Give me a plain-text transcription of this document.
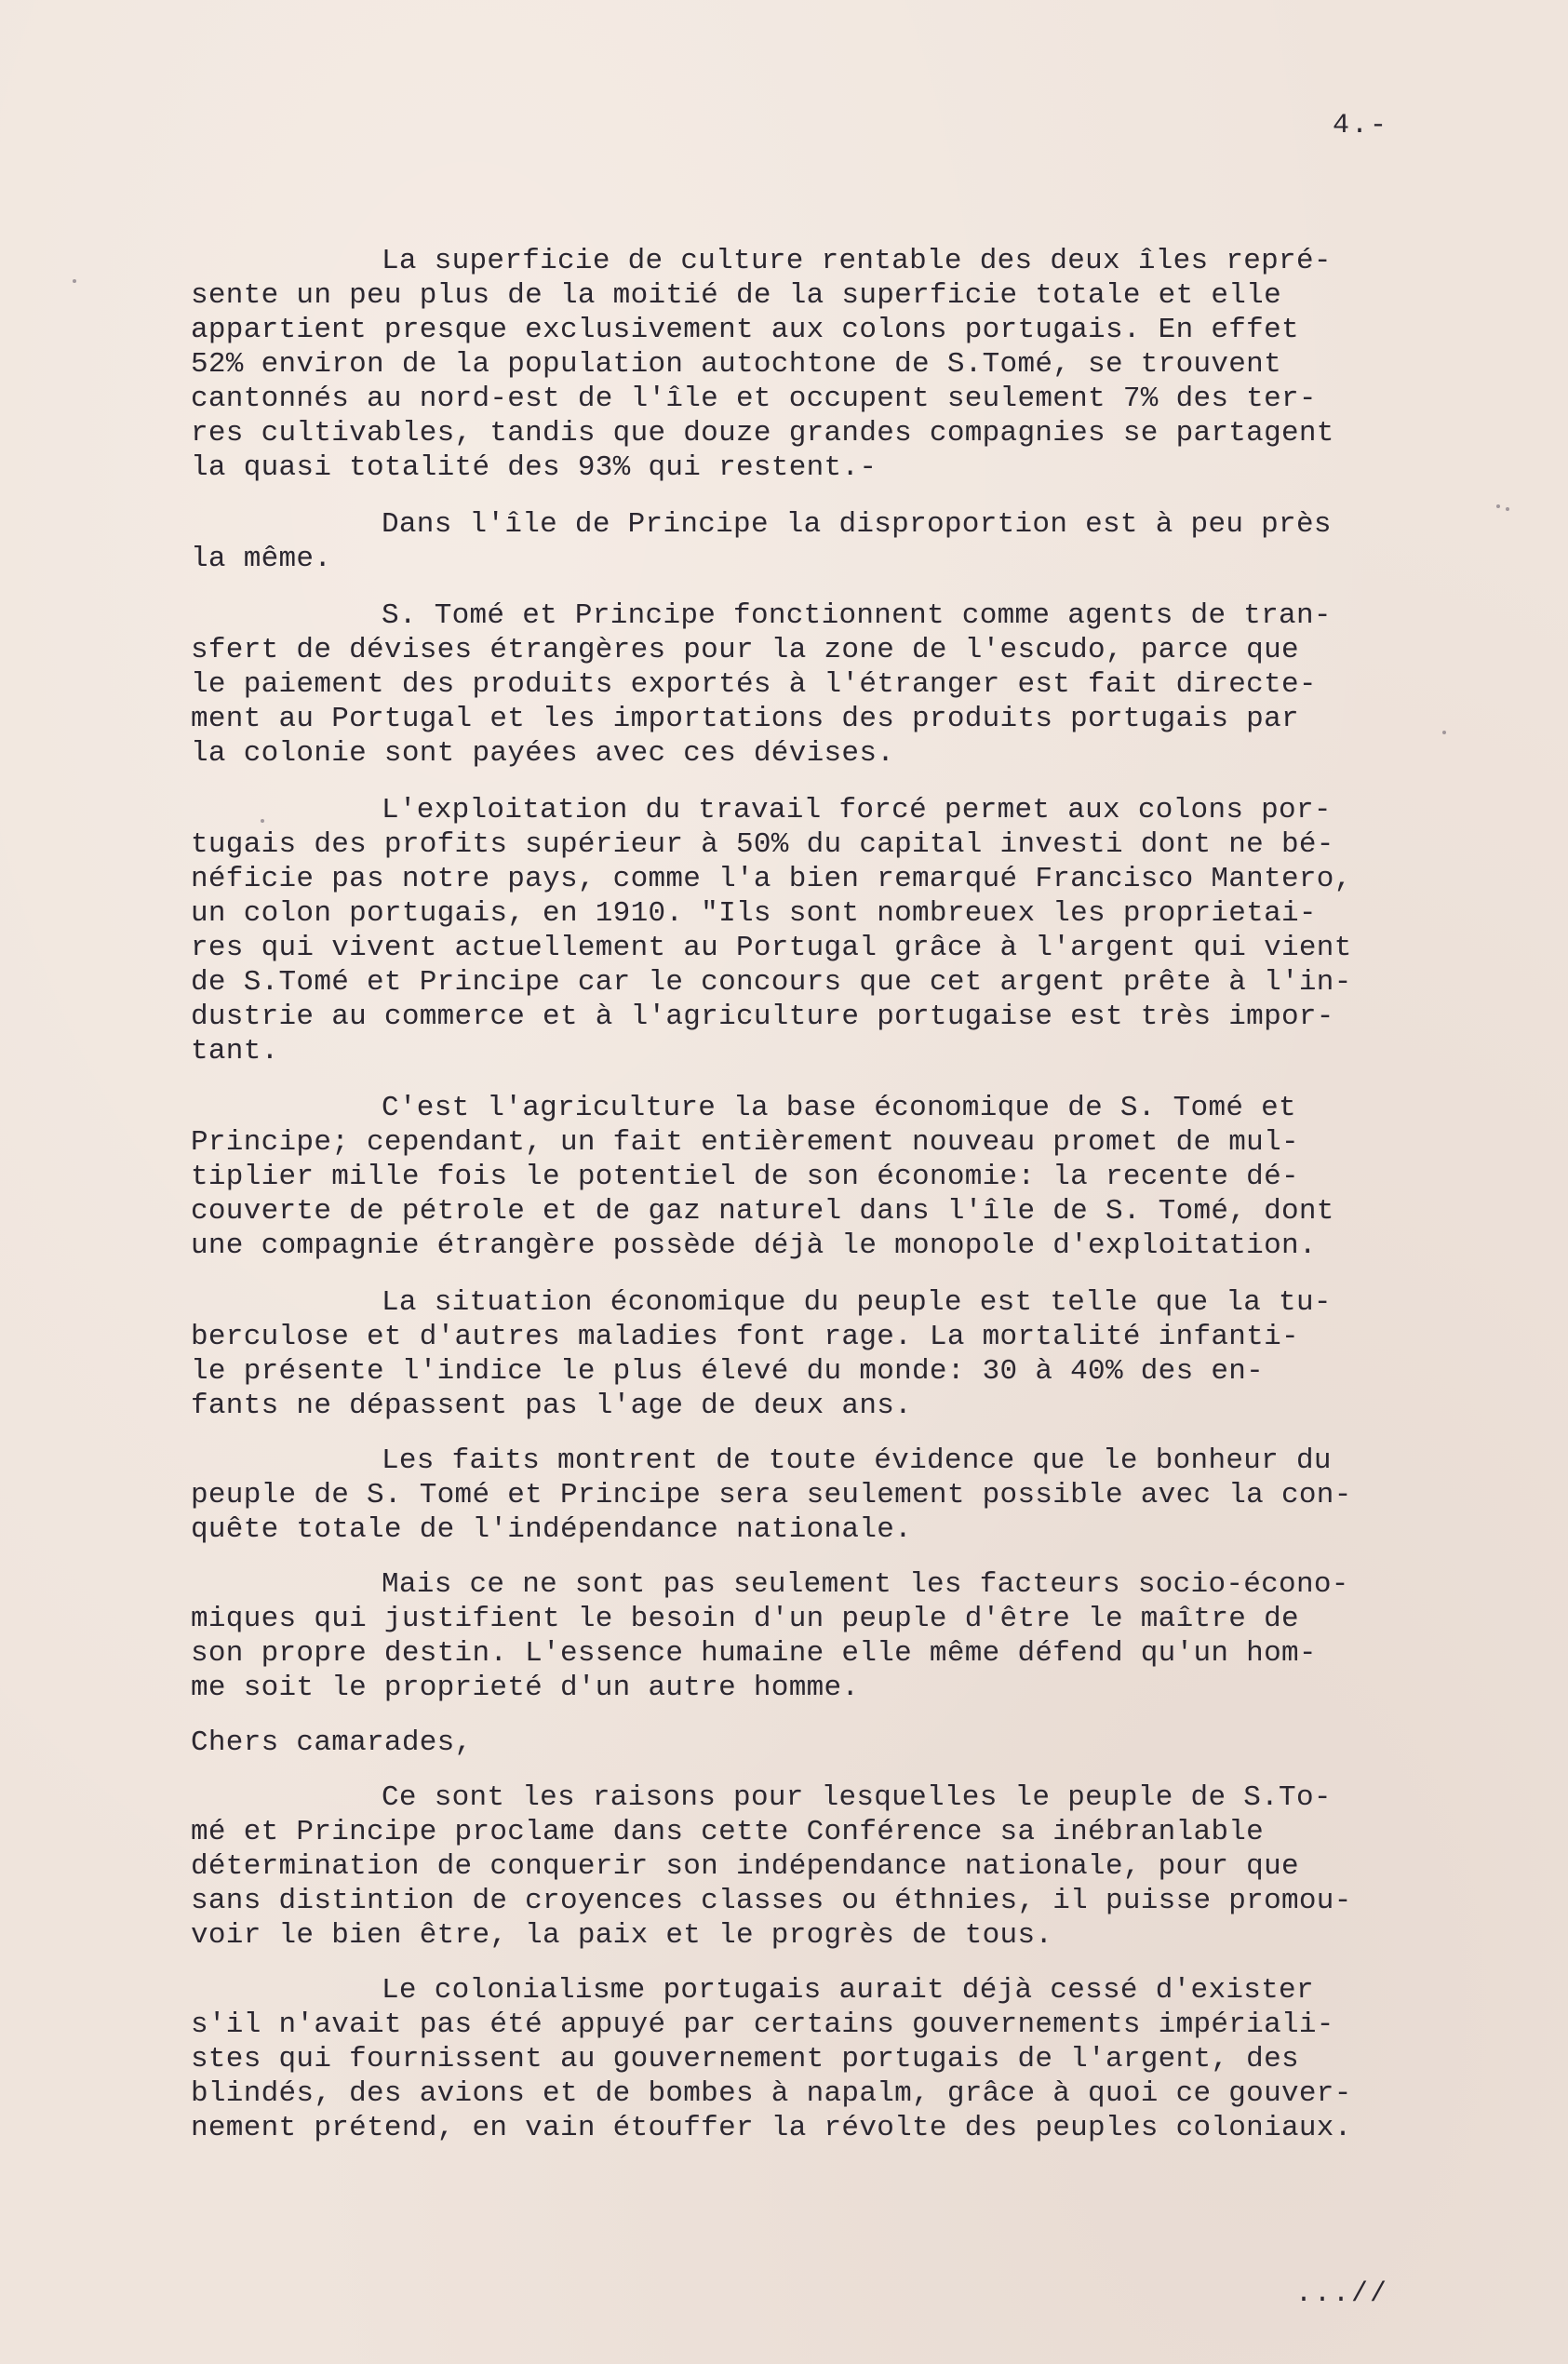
4.-
La superficie de culture rentable des deux îles repré-
sente un peu plus de la moitié de la superficie totale et elle
appartient presque exclusivement aux colons portugais. En effet
52% environ de la population autochtone de S.Tomé, se trouvent
cantonnés au nord-est de l'île et occupent seulement 7% des ter-
res cultivables, tandis que douze grandes compagnies se partagent
la quasi totalité des 93% qui restent.-
Dans l'île de Principe la disproportion est à peu près
la même.
S. Tomé et Principe fonctionnent comme agents de tran-
sfert de dévises étrangères pour la zone de l'escudo, parce que
le paiement des produits exportés à l'étranger est fait directe-
ment au Portugal et les importations des produits portugais par
la colonie sont payées avec ces dévises.
L'exploitation du travail forcé permet aux colons por-
tugais des profits supérieur à 50% du capital investi dont ne bé-
néficie pas notre pays, comme l'a bien remarqué Francisco Mantero,
un colon portugais, en 1910. "Ils sont nombreuex les proprietai-
res qui vivent actuellement au Portugal grâce à l'argent qui vient
de S.Tomé et Principe car le concours que cet argent prête à l'in-
dustrie au commerce et à l'agriculture portugaise est très impor-
tant.
C'est l'agriculture la base économique de S. Tomé et
Principe; cependant, un fait entièrement nouveau promet de mul-
tiplier mille fois le potentiel de son économie: la recente dé-
couverte de pétrole et de gaz naturel dans l'île de S. Tomé, dont
une compagnie étrangère possède déjà le monopole d'exploitation.
La situation économique du peuple est telle que la tu-
berculose et d'autres maladies font rage. La mortalité infanti-
le présente l'indice le plus élevé du monde: 30 à 40% des en-
fants ne dépassent pas l'age de deux ans.
Les faits montrent de toute évidence que le bonheur du
peuple de S. Tomé et Principe sera seulement possible avec la con-
quête totale de l'indépendance nationale.
Mais ce ne sont pas seulement les facteurs socio-écono-
miques qui justifient le besoin d'un peuple d'être le maître de
son propre destin. L'essence humaine elle même défend qu'un hom-
me soit le proprieté d'un autre homme.
Chers camarades,
Ce sont les raisons pour lesquelles le peuple de S.To-
mé et Principe proclame dans cette Conférence sa inébranlable
détermination de conquerir son indépendance nationale, pour que
sans distintion de croyences classes ou éthnies, il puisse promou-
voir le bien être, la paix et le progrès de tous.
Le colonialisme portugais aurait déjà cessé d'exister
s'il n'avait pas été appuyé par certains gouvernements impériali-
stes qui fournissent au gouvernement portugais de l'argent, des
blindés, des avions et de bombes à napalm, grâce à quoi ce gouver-
nement prétend, en vain étouffer la révolte des peuples coloniaux.
...//
